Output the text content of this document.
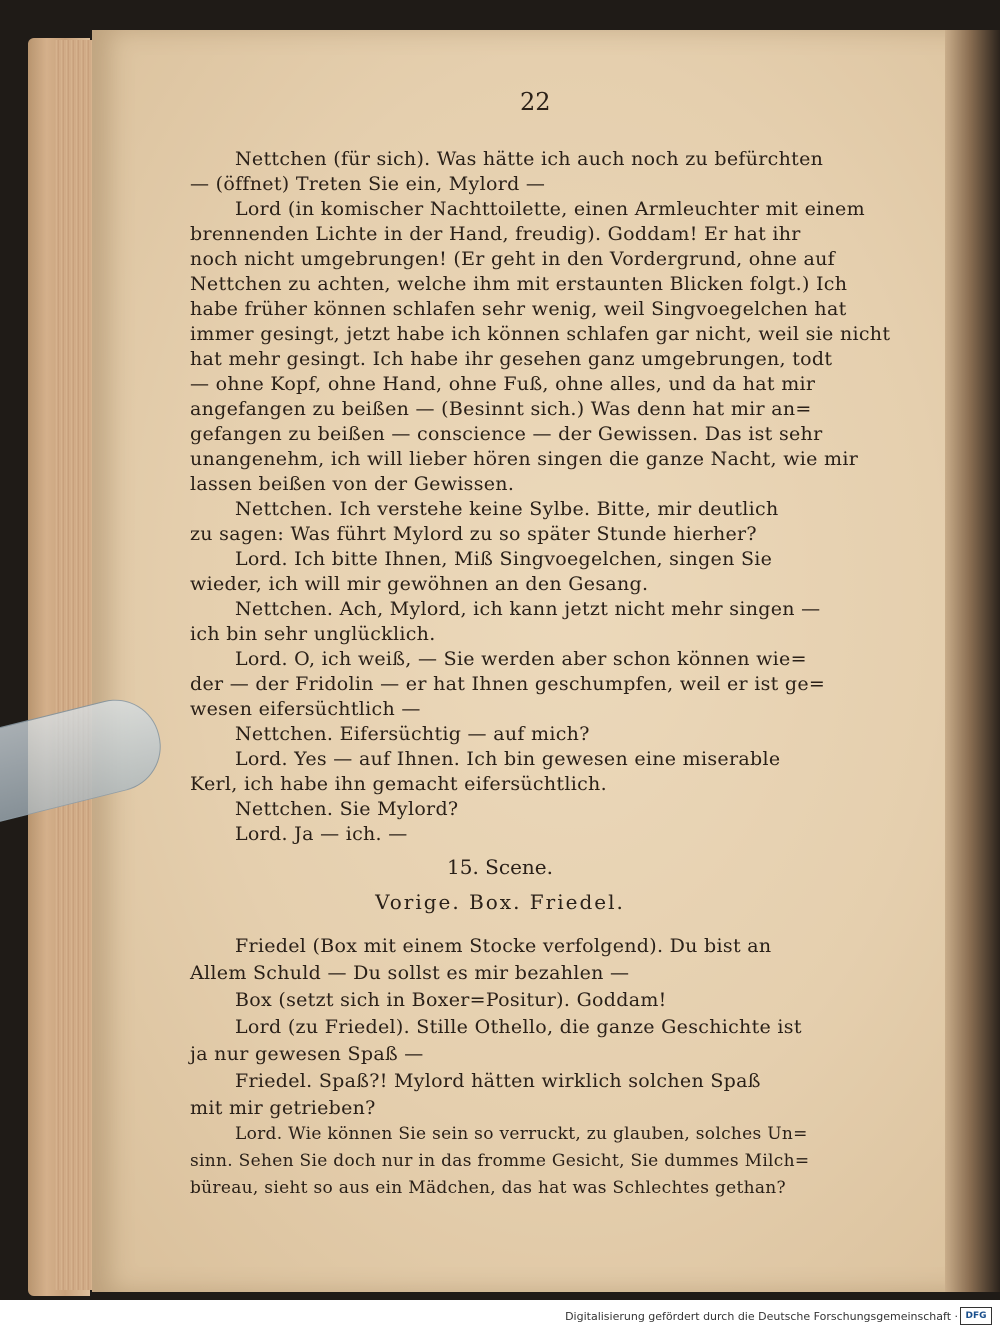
22
Nettchen (für sich). Was hätte ich auch noch zu befürchten
— (öffnet) Treten Sie ein, Mylord —
Lord (in komischer Nachttoilette, einen Armleuchter mit einem
brennenden Lichte in der Hand, freudig). Goddam! Er hat ihr
noch nicht umgebrungen! (Er geht in den Vordergrund, ohne auf
Nettchen zu achten, welche ihm mit erstaunten Blicken folgt.) Ich
habe früher können schlafen sehr wenig, weil Singvoegelchen hat
immer gesingt, jetzt habe ich können schlafen gar nicht, weil sie nicht
hat mehr gesingt. Ich habe ihr gesehen ganz umgebrungen, todt
— ohne Kopf, ohne Hand, ohne Fuß, ohne alles, und da hat mir
angefangen zu beißen — (Besinnt sich.) Was denn hat mir an=
gefangen zu beißen — conscience — der Gewissen. Das ist sehr
unangenehm, ich will lieber hören singen die ganze Nacht, wie mir
lassen beißen von der Gewissen.
Nettchen. Ich verstehe keine Sylbe. Bitte, mir deutlich
zu sagen: Was führt Mylord zu so später Stunde hierher?
Lord. Ich bitte Ihnen, Miß Singvoegelchen, singen Sie
wieder, ich will mir gewöhnen an den Gesang.
Nettchen. Ach, Mylord, ich kann jetzt nicht mehr singen —
ich bin sehr unglücklich.
Lord. O, ich weiß, — Sie werden aber schon können wie=
der — der Fridolin — er hat Ihnen geschumpfen, weil er ist ge=
wesen eifersüchtlich —
Nettchen. Eifersüchtig — auf mich?
Lord. Yes — auf Ihnen. Ich bin gewesen eine miserable
Kerl, ich habe ihn gemacht eifersüchtlich.
Nettchen. Sie Mylord?
Lord. Ja — ich. —
15. Scene.
Vorige. Box. Friedel.
Friedel (Box mit einem Stocke verfolgend). Du bist an
Allem Schuld — Du sollst es mir bezahlen —
Box (setzt sich in Boxer=Positur). Goddam!
Lord (zu Friedel). Stille Othello, die ganze Geschichte ist
ja nur gewesen Spaß —
Friedel. Spaß?! Mylord hätten wirklich solchen Spaß
mit mir getrieben?
Lord. Wie können Sie sein so verruckt, zu glauben, solches Un=
sinn. Sehen Sie doch nur in das fromme Gesicht, Sie dummes Milch=
büreau, sieht so aus ein Mädchen, das hat was Schlechtes gethan?
Digitalisierung gefördert durch die Deutsche Forschungsgemeinschaft · DFG
